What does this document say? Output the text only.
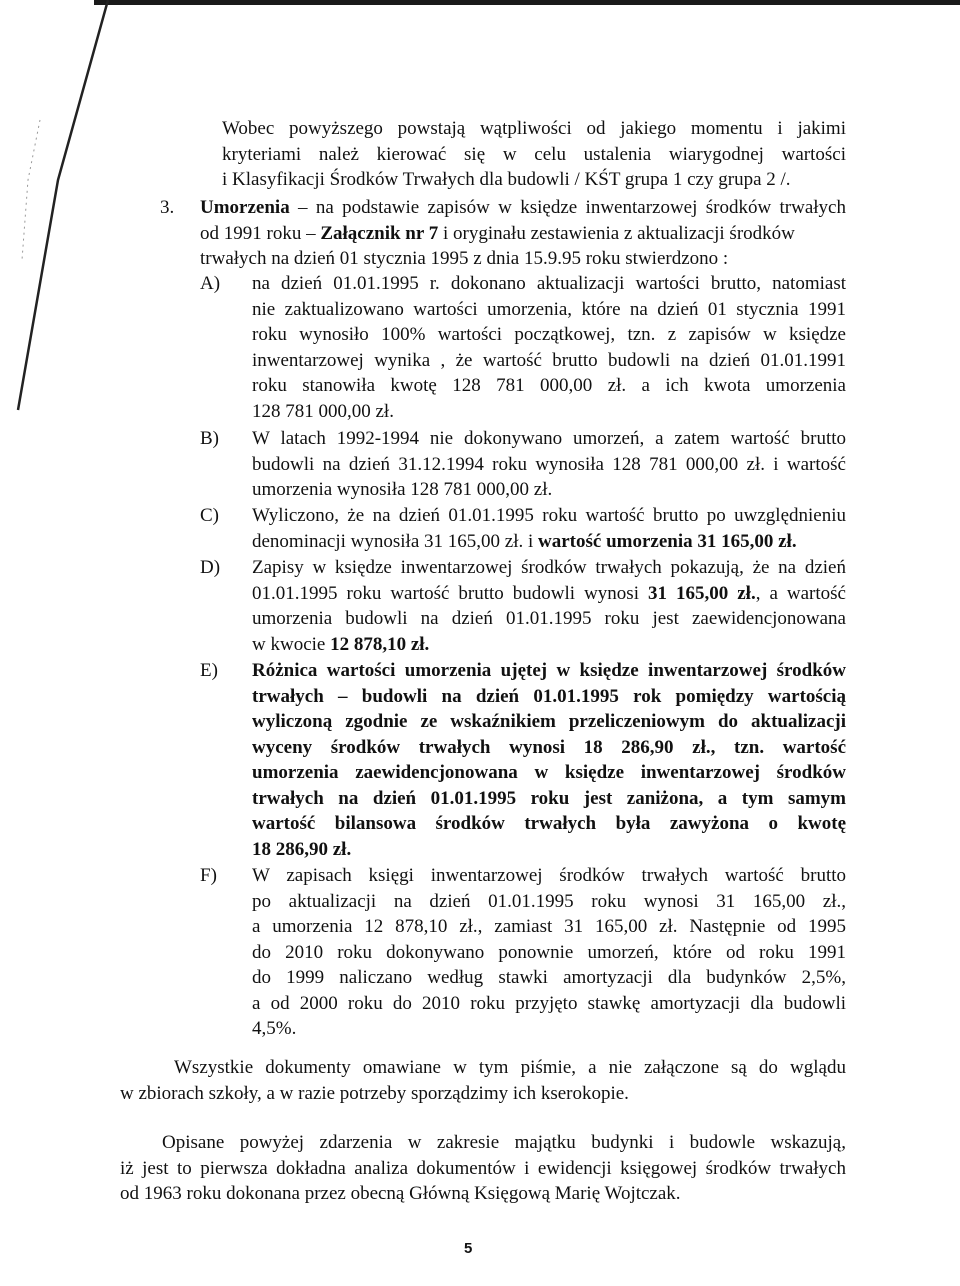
Wobec powyższego powstają wątpliwości od jakiego momentu i jakimi
kryteriami należ kierować się w celu ustalenia wiarygodnej wartości
i Klasyfikacji Środków Trwałych dla budowli / KŚT grupa 1 czy grupa 2 /.
3. Umorzenia – na podstawie zapisów w księdze inwentarzowej środków trwałych
od 1991 roku – Załącznik nr 7 i oryginału zestawienia z aktualizacji środków
trwałych na dzień 01 stycznia 1995 z dnia 15.9.95 roku stwierdzono :
A) na dzień 01.01.1995 r. dokonano aktualizacji wartości brutto, natomiast
nie zaktualizowano wartości umorzenia, które na dzień 01 stycznia 1991
roku wynosiło 100% wartości początkowej, tzn. z zapisów w księdze
inwentarzowej wynika , że wartość brutto budowli na dzień 01.01.1991
roku stanowiła kwotę 128 781 000,00 zł. a ich kwota umorzenia
128 781 000,00 zł.
B) W latach 1992-1994 nie dokonywano umorzeń, a zatem wartość brutto
budowli na dzień 31.12.1994 roku wynosiła 128 781 000,00 zł. i wartość
umorzenia wynosiła 128 781 000,00 zł.
C) Wyliczono, że na dzień 01.01.1995 roku wartość brutto po uwzględnieniu
denominacji wynosiła 31 165,00 zł. i wartość umorzenia 31 165,00 zł.
D) Zapisy w księdze inwentarzowej środków trwałych pokazują, że na dzień
01.01.1995 roku wartość brutto budowli wynosi 31 165,00 zł., a wartość
umorzenia budowli na dzień 01.01.1995 roku jest zaewidencjonowana
w kwocie 12 878,10 zł.
E) Różnica wartości umorzenia ujętej w księdze inwentarzowej środków
trwałych – budowli na dzień 01.01.1995 rok pomiędzy wartością
wyliczoną zgodnie ze wskaźnikiem przeliczeniowym do aktualizacji
wyceny środków trwałych wynosi 18 286,90 zł., tzn. wartość
umorzenia zaewidencjonowana w księdze inwentarzowej środków
trwałych na dzień 01.01.1995 roku jest zaniżona, a tym samym
wartość bilansowa środków trwałych była zawyżona o kwotę
18 286,90 zł.
F) W zapisach księgi inwentarzowej środków trwałych wartość brutto
po aktualizacji na dzień 01.01.1995 roku wynosi 31 165,00 zł.,
a umorzenia 12 878,10 zł., zamiast 31 165,00 zł. Następnie od 1995
do 2010 roku dokonywano ponownie umorzeń, które od roku 1991
do 1999 naliczano według stawki amortyzacji dla budynków 2,5%,
a od 2000 roku do 2010 roku przyjęto stawkę amortyzacji dla budowli
4,5%.
Wszystkie dokumenty omawiane w tym piśmie, a nie załączone są do wglądu
w zbiorach szkoły, a w razie potrzeby sporządzimy ich kserokopie.
Opisane powyżej zdarzenia w zakresie majątku budynki i budowle wskazują,
iż jest to pierwsza dokładna analiza dokumentów i ewidencji księgowej środków trwałych
od 1963 roku dokonana przez obecną Główną Księgową Marię Wojtczak.
5
